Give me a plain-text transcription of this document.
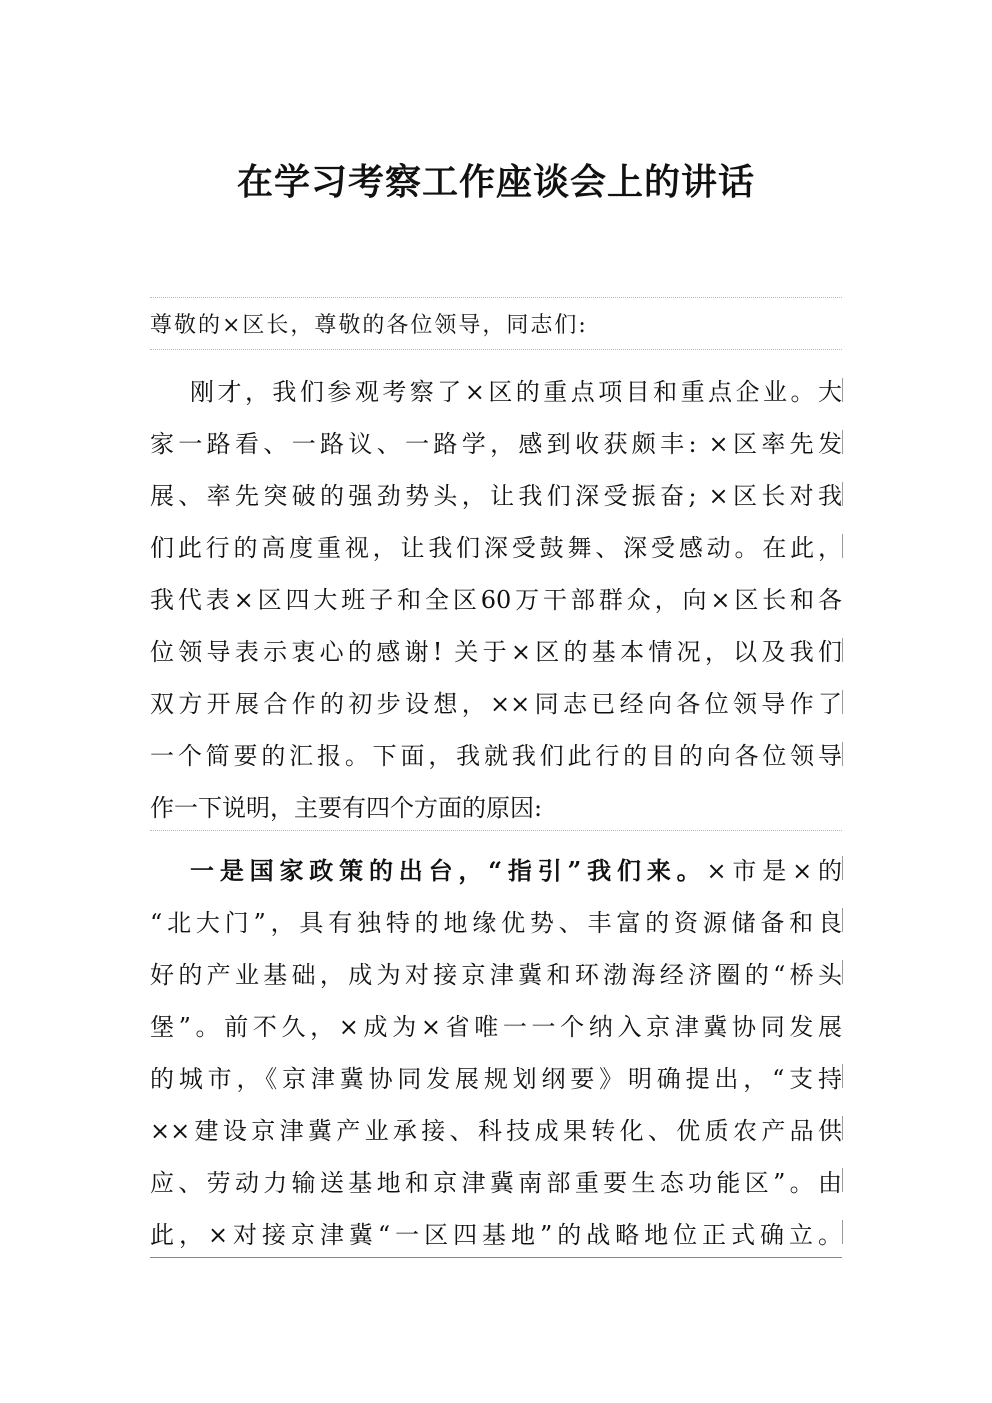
在学习考察工作座谈会上的讲话

尊敬的×区长，尊敬的各位领导，同志们:

刚才，我们参观考察了×区的重点项目和重点企业。大
家一路看、一路议、一路学，感到收获颇丰: ×区率先发
展、率先突破的强劲势头，让我们深受振奋; ×区长对我
们此行的高度重视，让我们深受鼓舞、深受感动。在此，
我代表×区四大班子和全区60万干部群众，向×区长和各
位领导表示衷心的感谢! 关于×区的基本情况，以及我们
双方开展合作的初步设想，××同志已经向各位领导作了
一个简要的汇报。下面，我就我们此行的目的向各位领导
作一下说明，主要有四个方面的原因:
一是国家政策的出台，“指引”我们来。×市是×的
“北大门”，具有独特的地缘优势、丰富的资源储备和良
好的产业基础，成为对接京津冀和环渤海经济圈的“桥头
堡”。前不久，×成为×省唯一一个纳入京津冀协同发展
的城市，《京津冀协同发展规划纲要》明确提出，“支持
××建设京津冀产业承接、科技成果转化、优质农产品供
应、劳动力输送基地和京津冀南部重要生态功能区”。由
此，×对接京津冀“一区四基地”的战略地位正式确立。
